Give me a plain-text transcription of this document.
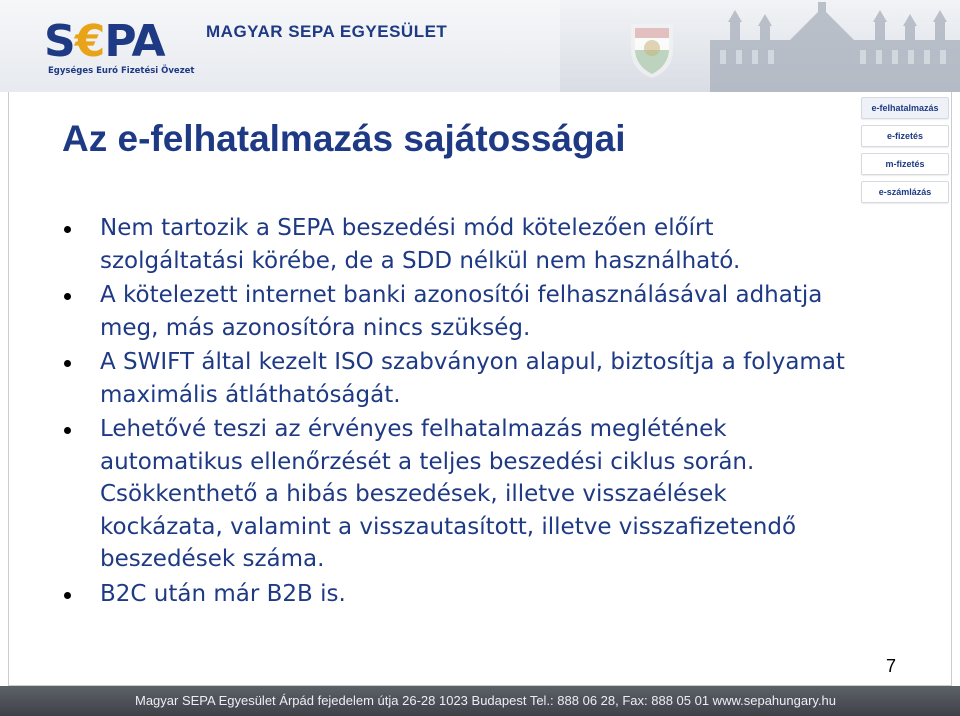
S€PA
Egységes Euró Fizetési Övezet
MAGYAR SEPA EGYESÜLET
Az e-felhatalmazás sajátosságai
e-felhatalmazás
e-fizetés
m-fizetés
e-számlázás
Nem tartozik a SEPA beszedési mód kötelezően előírt szolgáltatási körébe, de a SDD nélkül nem használható.
A kötelezett internet banki azonosítói felhasználásával adhatja meg, más azonosítóra nincs szükség.
A SWIFT által kezelt ISO szabványon alapul, biztosítja a folyamat maximális átláthatóságát.
Lehetővé teszi az érvényes felhatalmazás meglétének automatikus ellenőrzését a teljes beszedési ciklus során. Csökkenthető a hibás beszedések, illetve visszaélések kockázata, valamint a visszautasított, illetve visszafizetendő beszedések száma.
B2C után már B2B is.
7
Magyar SEPA Egyesület Árpád fejedelem útja 26-28 1023 Budapest Tel.: 888 06 28, Fax: 888 05 01 www.sepahungary.hu
